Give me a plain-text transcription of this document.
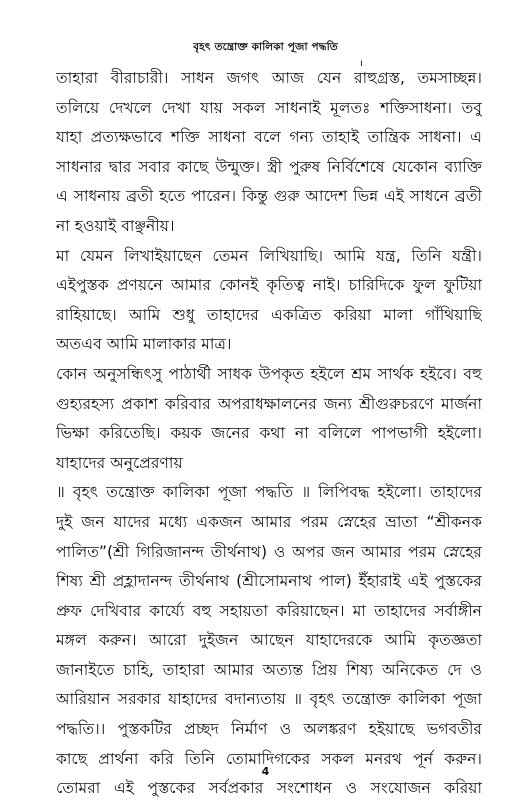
বৃহৎ তন্ত্রোক্ত কালিকা পূজা পদ্ধতি
ı
তাহারা বীরাচারী। সাধন জগৎ আজ যেন রাহুগ্রস্ত, তমসাচ্ছন্ন।
তলিয়ে দেখলে দেখা যায় সকল সাধনাই মূলতঃ শক্তিসাধনা। তবু
যাহা প্রত্যক্ষভাবে শক্তি সাধনা বলে গন্য তাহাই তান্ত্রিক সাধনা। এ
সাধনার দ্বার সবার কাছে উন্মুক্ত। স্ত্রী পুরুষ নির্বিশেষে যেকোন ব্যাক্তি
এ সাধনায় ব্রতী হতে পারেন। কিন্তু গুরু আদেশ ভিন্ন এই সাধনে ব্রতী
না হওয়াই বাঞ্ছনীয়।
মা যেমন লিখাইয়াছেন তেমন লিখিয়াছি। আমি যন্ত্র, তিনি যন্ত্রী।
এইপুস্তক প্রণয়নে আমার কোনই কৃতিত্ব নাই। চারিদিকে ফুল ফুটিয়া
রাহিয়াছে। আমি শুধু তাহাদের একত্রিত করিয়া মালা গাঁথিয়াছি
অতএব আমি মালাকার মাত্র।
কোন অনুসন্ধিৎসু পাঠার্থী সাধক উপকৃত হইলে শ্রম সার্থক হইবে। বহু
গুহ্যরহস্য প্রকাশ করিবার অপরাধক্ষালনের জন্য শ্রীগুরুচরণে মার্জনা
ভিক্ষা করিতেছি। কয়ক জনের কথা না বলিলে পাপভাগী হইলো।
যাহাদের অনুপ্রেরণায়
॥ বৃহৎ তন্ত্রোক্ত কালিকা পূজা পদ্ধতি ॥ লিপিবদ্ধ হইলো। তাহাদের
দুই জন যাদের মধ্যে একজন আমার পরম স্নেহের ভ্রাতা “শ্রীকনক
পালিত”(শ্রী গিরিজানন্দ তীর্থনাথ) ও অপর জন আমার পরম স্নেহের
শিষ্য শ্রী প্রহ্লাদানন্দ তীর্থনাথ (শ্রীসোমনাথ পাল) ইঁহারাই এই পুস্তকের
প্রুফ দেখিবার কার্য্যে বহু সহায়তা করিয়াছেন। মা তাহাদের সর্বাঙ্গীন
মঙ্গল করুন। আরো দুইজন আছেন যাহাদেরকে আমি কৃতজ্ঞতা
জানাইতে চাহি, তাহারা আমার অত্যন্ত প্রিয় শিষ্য অনিকেত দে ও
আরিয়ান সরকার যাহাদের বদান্যতায় ॥ বৃহৎ তন্ত্রোক্ত কালিকা পূজা
পদ্ধতি।। পুস্তকটির প্রচ্ছদ নির্মাণ ও অলঙ্করণ হইয়াছে ভগবতীর
কাছে প্রার্থনা করি তিনি তোমাদিগকের সকল মনরথ পূর্ন করুন।
তোমরা এই পুস্তকের সর্বপ্রকার সংশোধন ও সংযোজন করিয়া
4
